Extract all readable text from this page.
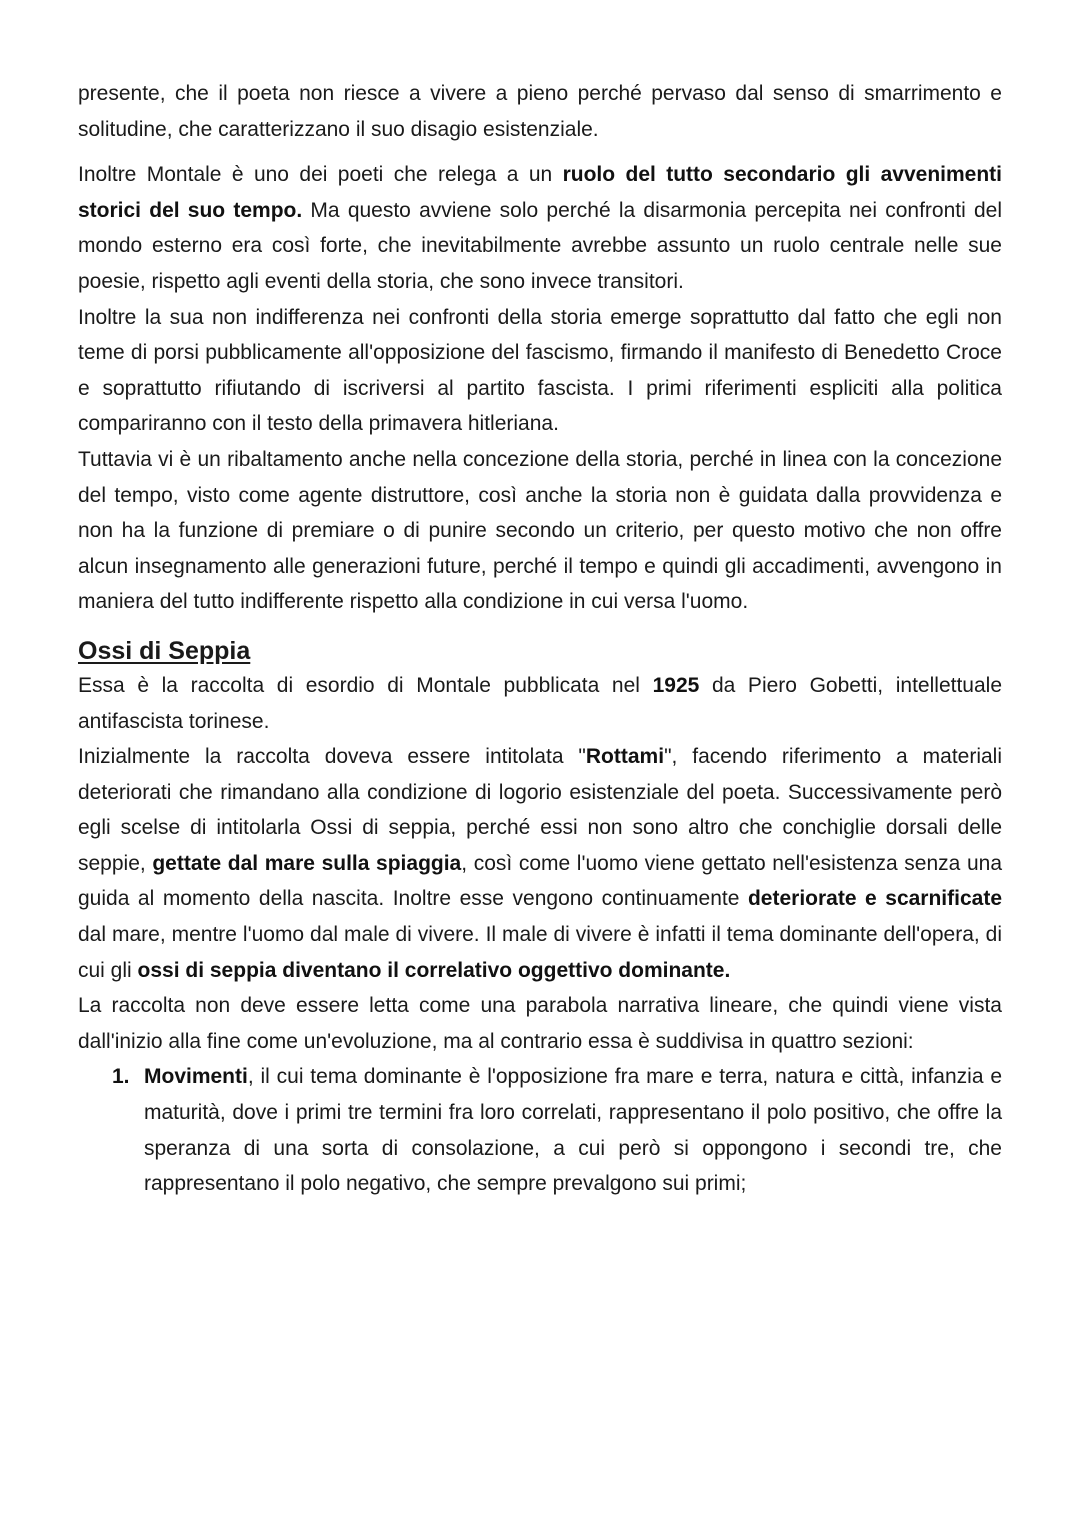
presente, che il poeta non riesce a vivere a pieno perché pervaso dal senso di smarrimento e solitudine, che caratterizzano il suo disagio esistenziale.

Inoltre Montale è uno dei poeti che relega a un ruolo del tutto secondario gli avvenimenti storici del suo tempo. Ma questo avviene solo perché la disarmonia percepita nei confronti del mondo esterno era così forte, che inevitabilmente avrebbe assunto un ruolo centrale nelle sue poesie, rispetto agli eventi della storia, che sono invece transitori.

Inoltre la sua non indifferenza nei confronti della storia emerge soprattutto dal fatto che egli non teme di porsi pubblicamente all'opposizione del fascismo, firmando il manifesto di Benedetto Croce e soprattutto rifiutando di iscriversi al partito fascista. I primi riferimenti espliciti alla politica compariranno con il testo della primavera hitleriana.

Tuttavia vi è un ribaltamento anche nella concezione della storia, perché in linea con la concezione del tempo, visto come agente distruttore, così anche la storia non è guidata dalla provvidenza e non ha la funzione di premiare o di punire secondo un criterio, per questo motivo che non offre alcun insegnamento alle generazioni future, perché il tempo e quindi gli accadimenti, avvengono in maniera del tutto indifferente rispetto alla condizione in cui versa l'uomo.

Ossi di Seppia

Essa è la raccolta di esordio di Montale pubblicata nel 1925 da Piero Gobetti, intellettuale antifascista torinese.

Inizialmente la raccolta doveva essere intitolata "Rottami", facendo riferimento a materiali deteriorati che rimandano alla condizione di logorio esistenziale del poeta. Successivamente però egli scelse di intitolarla Ossi di seppia, perché essi non sono altro che conchiglie dorsali delle seppie, gettate dal mare sulla spiaggia, così come l'uomo viene gettato nell'esistenza senza una guida al momento della nascita. Inoltre esse vengono continuamente deteriorate e scarnificate dal mare, mentre l'uomo dal male di vivere. Il male di vivere è infatti il tema dominante dell'opera, di cui gli ossi di seppia diventano il correlativo oggettivo dominante.

La raccolta non deve essere letta come una parabola narrativa lineare, che quindi viene vista dall'inizio alla fine come un'evoluzione, ma al contrario essa è suddivisa in quattro sezioni:

1. Movimenti, il cui tema dominante è l'opposizione fra mare e terra, natura e città, infanzia e maturità, dove i primi tre termini fra loro correlati, rappresentano il polo positivo, che offre la speranza di una sorta di consolazione, a cui però si oppongono i secondi tre, che rappresentano il polo negativo, che sempre prevalgono sui primi;
